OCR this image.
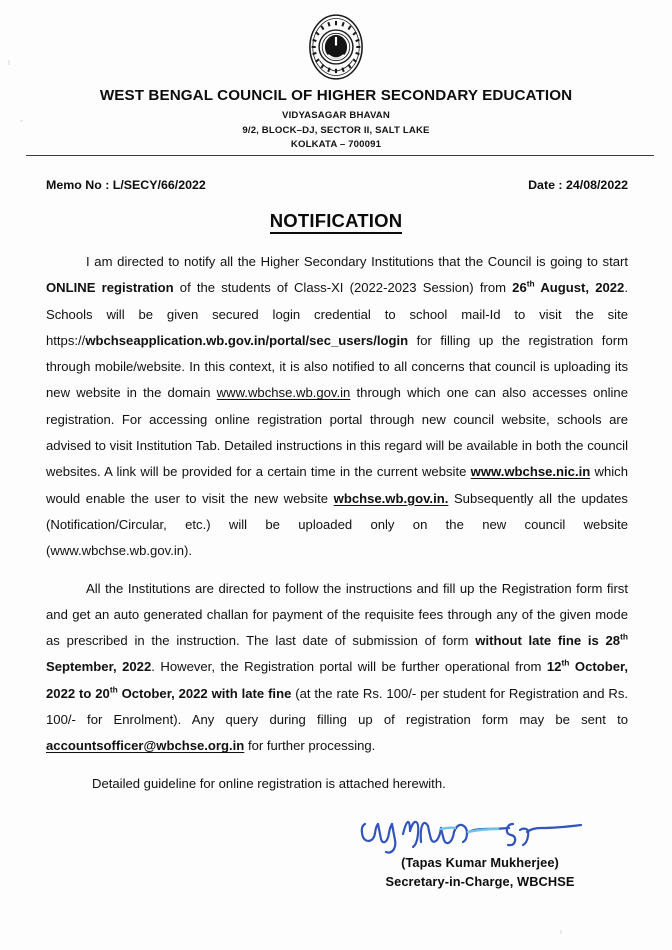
WEST BENGAL COUNCIL OF HIGHER SECONDARY EDUCATION
VIDYASAGAR BHAVAN
9/2, BLOCK–DJ, SECTOR II, SALT LAKE
KOLKATA – 700091
Memo No : L/SECY/66/2022	Date : 24/08/2022
NOTIFICATION

I am directed to notify all the Higher Secondary Institutions that the Council is going to start ONLINE registration of the students of Class-XI (2022-2023 Session) from 26th August, 2022. Schools will be given secured login credential to school mail-Id to visit the site https://wbchseapplication.wb.gov.in/portal/sec_users/login for filling up the registration form through mobile/website. In this context, it is also notified to all concerns that council is uploading its new website in the domain www.wbchse.wb.gov.in through which one can also accesses online registration. For accessing online registration portal through new council website, schools are advised to visit Institution Tab. Detailed instructions in this regard will be available in both the council websites. A link will be provided for a certain time in the current website www.wbchse.nic.in which would enable the user to visit the new website wbchse.wb.gov.in. Subsequently all the updates (Notification/Circular, etc.) will be uploaded only on the new council website (www.wbchse.wb.gov.in).

All the Institutions are directed to follow the instructions and fill up the Registration form first and get an auto generated challan for payment of the requisite fees through any of the given mode as prescribed in the instruction. The last date of submission of form without late fine is 28th September, 2022. However, the Registration portal will be further operational from 12th October, 2022 to 20th October, 2022 with late fine (at the rate Rs. 100/- per student for Registration and Rs. 100/- for Enrolment). Any query during filling up of registration form may be sent to accountsofficer@wbchse.org.in for further processing.

Detailed guideline for online registration is attached herewith.

(Tapas Kumar Mukherjee)
Secretary-in-Charge, WBCHSE
